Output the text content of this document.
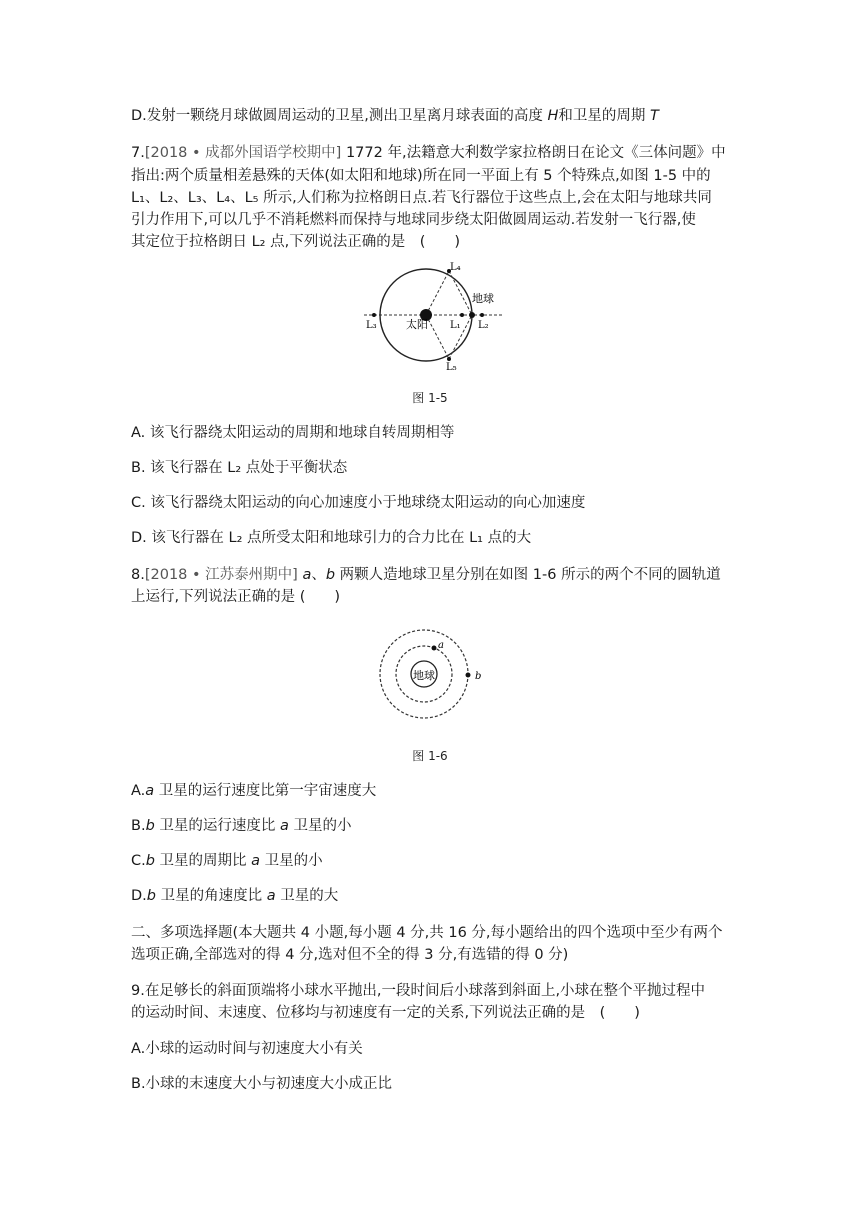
D.发射一颗绕月球做圆周运动的卫星,测出卫星离月球表面的高度 H和卫星的周期 T
7.[2018 • 成都外国语学校期中] 1772 年,法籍意大利数学家拉格朗日在论文《三体问题》中
指出:两个质量相差悬殊的天体(如太阳和地球)所在同一平面上有 5 个特殊点,如图 1-5 中的
L₁、L₂、L₃、L₄、L₅ 所示,人们称为拉格朗日点.若飞行器位于这些点上,会在太阳与地球共同
引力作用下,可以几乎不消耗燃料而保持与地球同步绕太阳做圆周运动.若发射一飞行器,使
其定位于拉格朗日 L₂ 点,下列说法正确的是　(　　)
太阳
地球
L₁ L₂
L₃
L₄
L₅
图 1-5
A. 该飞行器绕太阳运动的周期和地球自转周期相等
B. 该飞行器在 L₂ 点处于平衡状态
C. 该飞行器绕太阳运动的向心加速度小于地球绕太阳运动的向心加速度
D. 该飞行器在 L₂ 点所受太阳和地球引力的合力比在 L₁ 点的大
8.[2018 • 江苏泰州期中] a、b 两颗人造地球卫星分别在如图 1-6 所示的两个不同的圆轨道
上运行,下列说法正确的是 (　　)
地球
a
b
图 1-6
A.a 卫星的运行速度比第一宇宙速度大
B.b 卫星的运行速度比 a 卫星的小
C.b 卫星的周期比 a 卫星的小
D.b 卫星的角速度比 a 卫星的大
二、多项选择题(本大题共 4 小题,每小题 4 分,共 16 分,每小题给出的四个选项中至少有两个
选项正确,全部选对的得 4 分,选对但不全的得 3 分,有选错的得 0 分)
9.在足够长的斜面顶端将小球水平抛出,一段时间后小球落到斜面上,小球在整个平抛过程中
的运动时间、末速度、位移均与初速度有一定的关系,下列说法正确的是　(　　)
A.小球的运动时间与初速度大小有关
B.小球的末速度大小与初速度大小成正比
